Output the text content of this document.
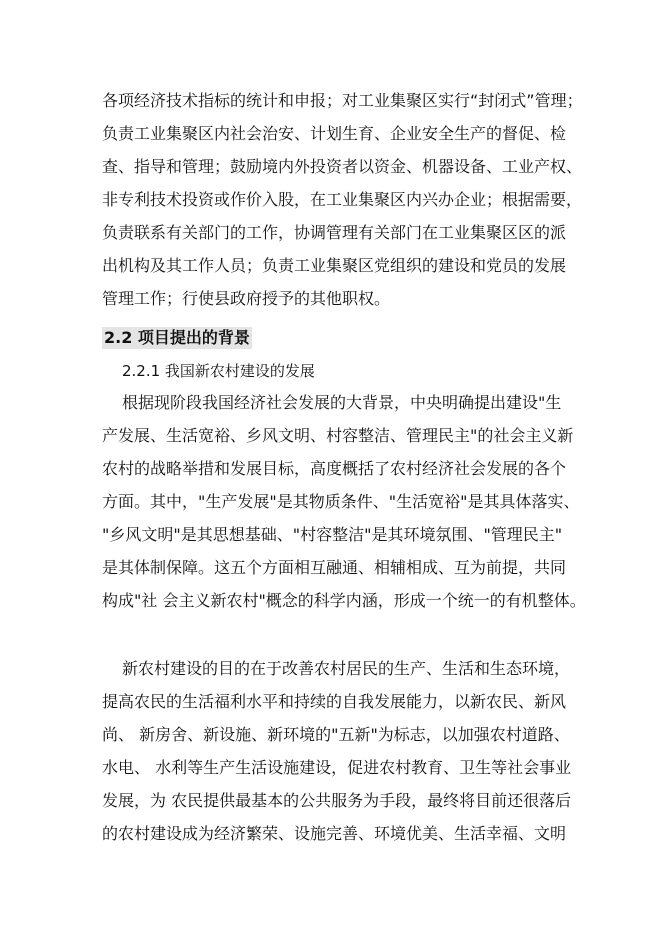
各项经济技术指标的统计和申报；对工业集聚区实行“封闭式”管理；
负责工业集聚区内社会治安、计划生育、企业安全生产的督促、检
查、指导和管理；鼓励境内外投资者以资金、机器设备、工业产权、
非专利技术投资或作价入股，在工业集聚区内兴办企业；根据需要，
负责联系有关部门的工作，协调管理有关部门在工业集聚区区的派
出机构及其工作人员；负责工业集聚区党组织的建设和党员的发展
管理工作；行使县政府授予的其他职权。
2.2 项目提出的背景
2.2.1 我国新农村建设的发展
根据现阶段我国经济社会发展的大背景，中央明确提出建设"生
产发展、生活宽裕、乡风文明、村容整洁、管理民主"的社会主义新
农村的战略举措和发展目标，高度概括了农村经济社会发展的各个
方面。其中，"生产发展"是其物质条件、"生活宽裕"是其具体落实、
"乡风文明"是其思想基础、"村容整洁"是其环境氛围、"管理民主"
是其体制保障。这五个方面相互融通、相辅相成、互为前提，共同
构成"社 会主义新农村"概念的科学内涵，形成一个统一的有机整体。
新农村建设的目的在于改善农村居民的生产、生活和生态环境，
提高农民的生活福利水平和持续的自我发展能力，以新农民、新风
尚、 新房舍、新设施、新环境的"五新"为标志，以加强农村道路、
水电、 水利等生产生活设施建设，促进农村教育、卫生等社会事业
发展，为 农民提供最基本的公共服务为手段，最终将目前还很落后
的农村建设成为经济繁荣、设施完善、环境优美、生活幸福、文明
